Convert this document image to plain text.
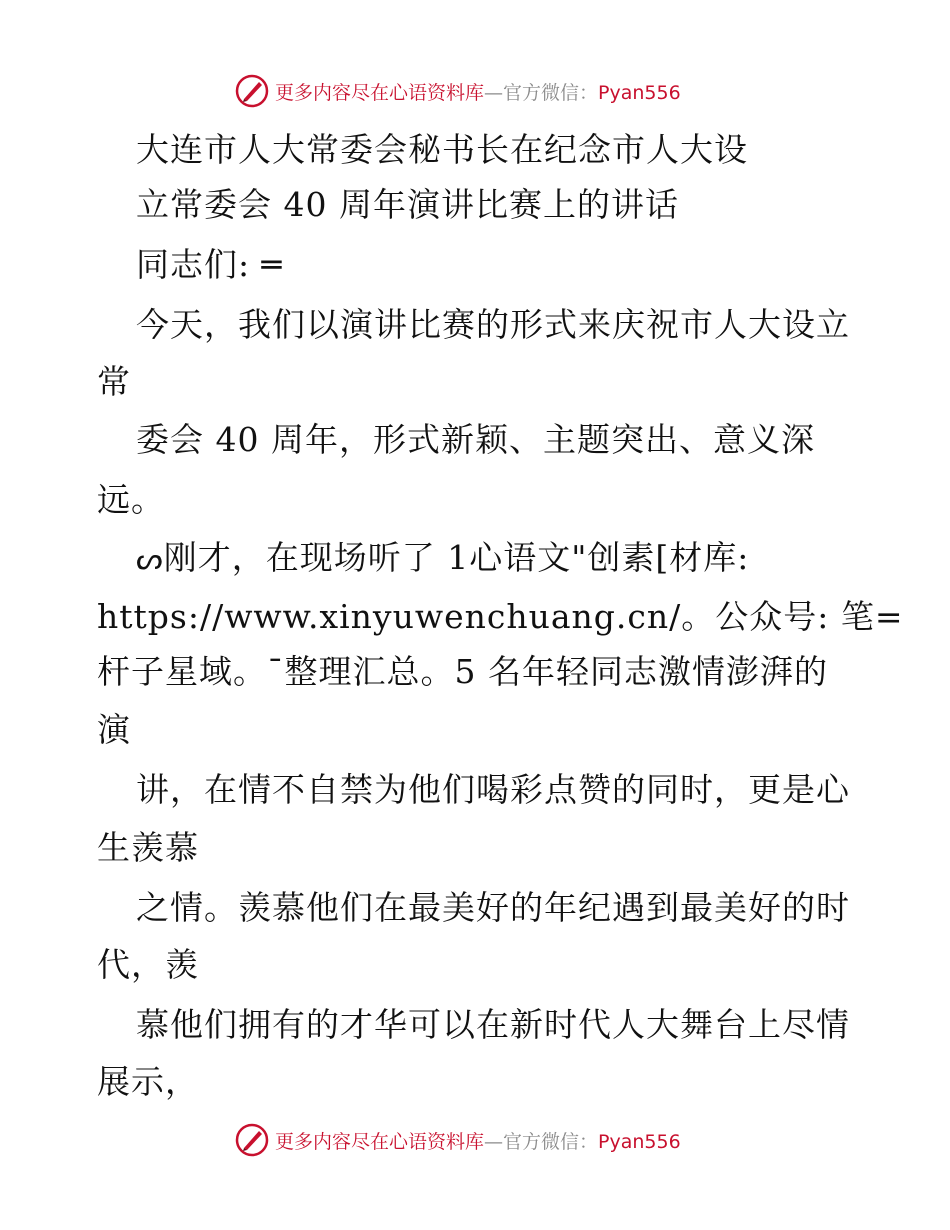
更多内容尽在心语资料库—官方微信：Pyan556
大连市人大常委会秘书长在纪念市人大设
立常委会 40 周年演讲比赛上的讲话
同志们: ═
今天，我们以演讲比赛的形式来庆祝市人大设立
常
委会 40 周年，形式新颖、主题突出、意义深
远。
ᔕ刚才，在现场听了 1心语文"创素[材库:
https://www.xinyuwenchuang.cn/。公众号: 笔=
杆子星域。¯整理汇总。5 名年轻同志激情澎湃的
演
讲，在情不自禁为他们喝彩点赞的同时，更是心
生羡慕
之情。羡慕他们在最美好的年纪遇到最美好的时
代，羡
慕他们拥有的才华可以在新时代人大舞台上尽情
展示，
更多内容尽在心语资料库—官方微信：Pyan556
